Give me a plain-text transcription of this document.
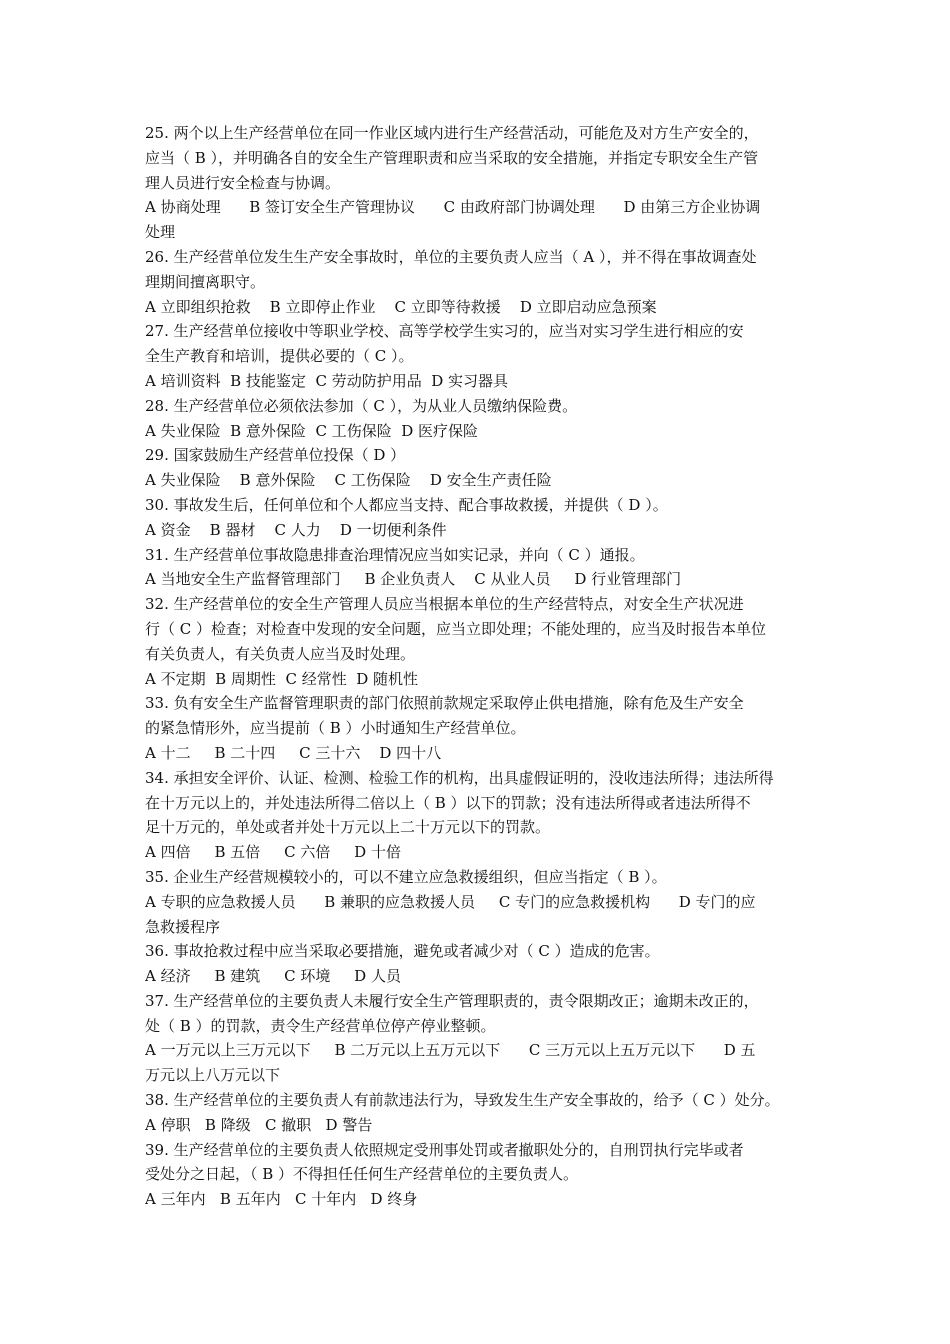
25. 两个以上生产经营单位在同一作业区域内进行生产经营活动，可能危及对方生产安全的，
应当（ B ），并明确各自的安全生产管理职责和应当采取的安全措施，并指定专职安全生产管
理人员进行安全检查与协调。
A 协商处理      B 签订安全生产管理协议      C 由政府部门协调处理      D 由第三方企业协调
处理
26. 生产经营单位发生生产安全事故时，单位的主要负责人应当（ A ），并不得在事故调查处
理期间擅离职守。
A 立即组织抢救    B 立即停止作业    C 立即等待救援    D 立即启动应急预案
27. 生产经营单位接收中等职业学校、高等学校学生实习的，应当对实习学生进行相应的安
全生产教育和培训，提供必要的（ C ）。
A 培训资料  B 技能鉴定  C 劳动防护用品  D 实习器具
28. 生产经营单位必须依法参加（ C ），为从业人员缴纳保险费。
A 失业保险  B 意外保险  C 工伤保险  D 医疗保险
29. 国家鼓励生产经营单位投保（ D ）
A 失业保险    B 意外保险    C 工伤保险    D 安全生产责任险
30. 事故发生后，任何单位和个人都应当支持、配合事故救援，并提供（ D ）。
A 资金    B 器材    C 人力    D 一切便利条件
31. 生产经营单位事故隐患排查治理情况应当如实记录，并向（ C ）通报。
A 当地安全生产监督管理部门     B 企业负责人    C 从业人员     D 行业管理部门
32. 生产经营单位的安全生产管理人员应当根据本单位的生产经营特点，对安全生产状况进
行（ C ）检查；对检查中发现的安全问题，应当立即处理；不能处理的，应当及时报告本单位
有关负责人，有关负责人应当及时处理。
A 不定期  B 周期性  C 经常性  D 随机性
33. 负有安全生产监督管理职责的部门依照前款规定采取停止供电措施，除有危及生产安全
的紧急情形外，应当提前（ B ）小时通知生产经营单位。
A 十二     B 二十四     C 三十六    D 四十八
34. 承担安全评价、认证、检测、检验工作的机构，出具虚假证明的，没收违法所得；违法所得
在十万元以上的，并处违法所得二倍以上（ B ）以下的罚款；没有违法所得或者违法所得不
足十万元的，单处或者并处十万元以上二十万元以下的罚款。
A 四倍     B 五倍     C 六倍     D 十倍
35. 企业生产经营规模较小的，可以不建立应急救援组织，但应当指定（ B ）。
A 专职的应急救援人员      B 兼职的应急救援人员     C 专门的应急救援机构      D 专门的应
急救援程序
36. 事故抢救过程中应当采取必要措施，避免或者减少对（ C ）造成的危害。
A 经济     B 建筑     C 环境     D 人员
37. 生产经营单位的主要负责人未履行安全生产管理职责的，责令限期改正；逾期未改正的，
处（ B ）的罚款，责令生产经营单位停产停业整顿。
A 一万元以上三万元以下     B 二万元以上五万元以下      C 三万元以上五万元以下      D 五
万元以上八万元以下
38. 生产经营单位的主要负责人有前款违法行为，导致发生生产安全事故的，给予（ C ）处分。
A 停职   B 降级   C 撤职   D 警告
39. 生产经营单位的主要负责人依照规定受刑事处罚或者撤职处分的，自刑罚执行完毕或者
受处分之日起，（ B ）不得担任任何生产经营单位的主要负责人。
A 三年内   B 五年内   C 十年内   D 终身
